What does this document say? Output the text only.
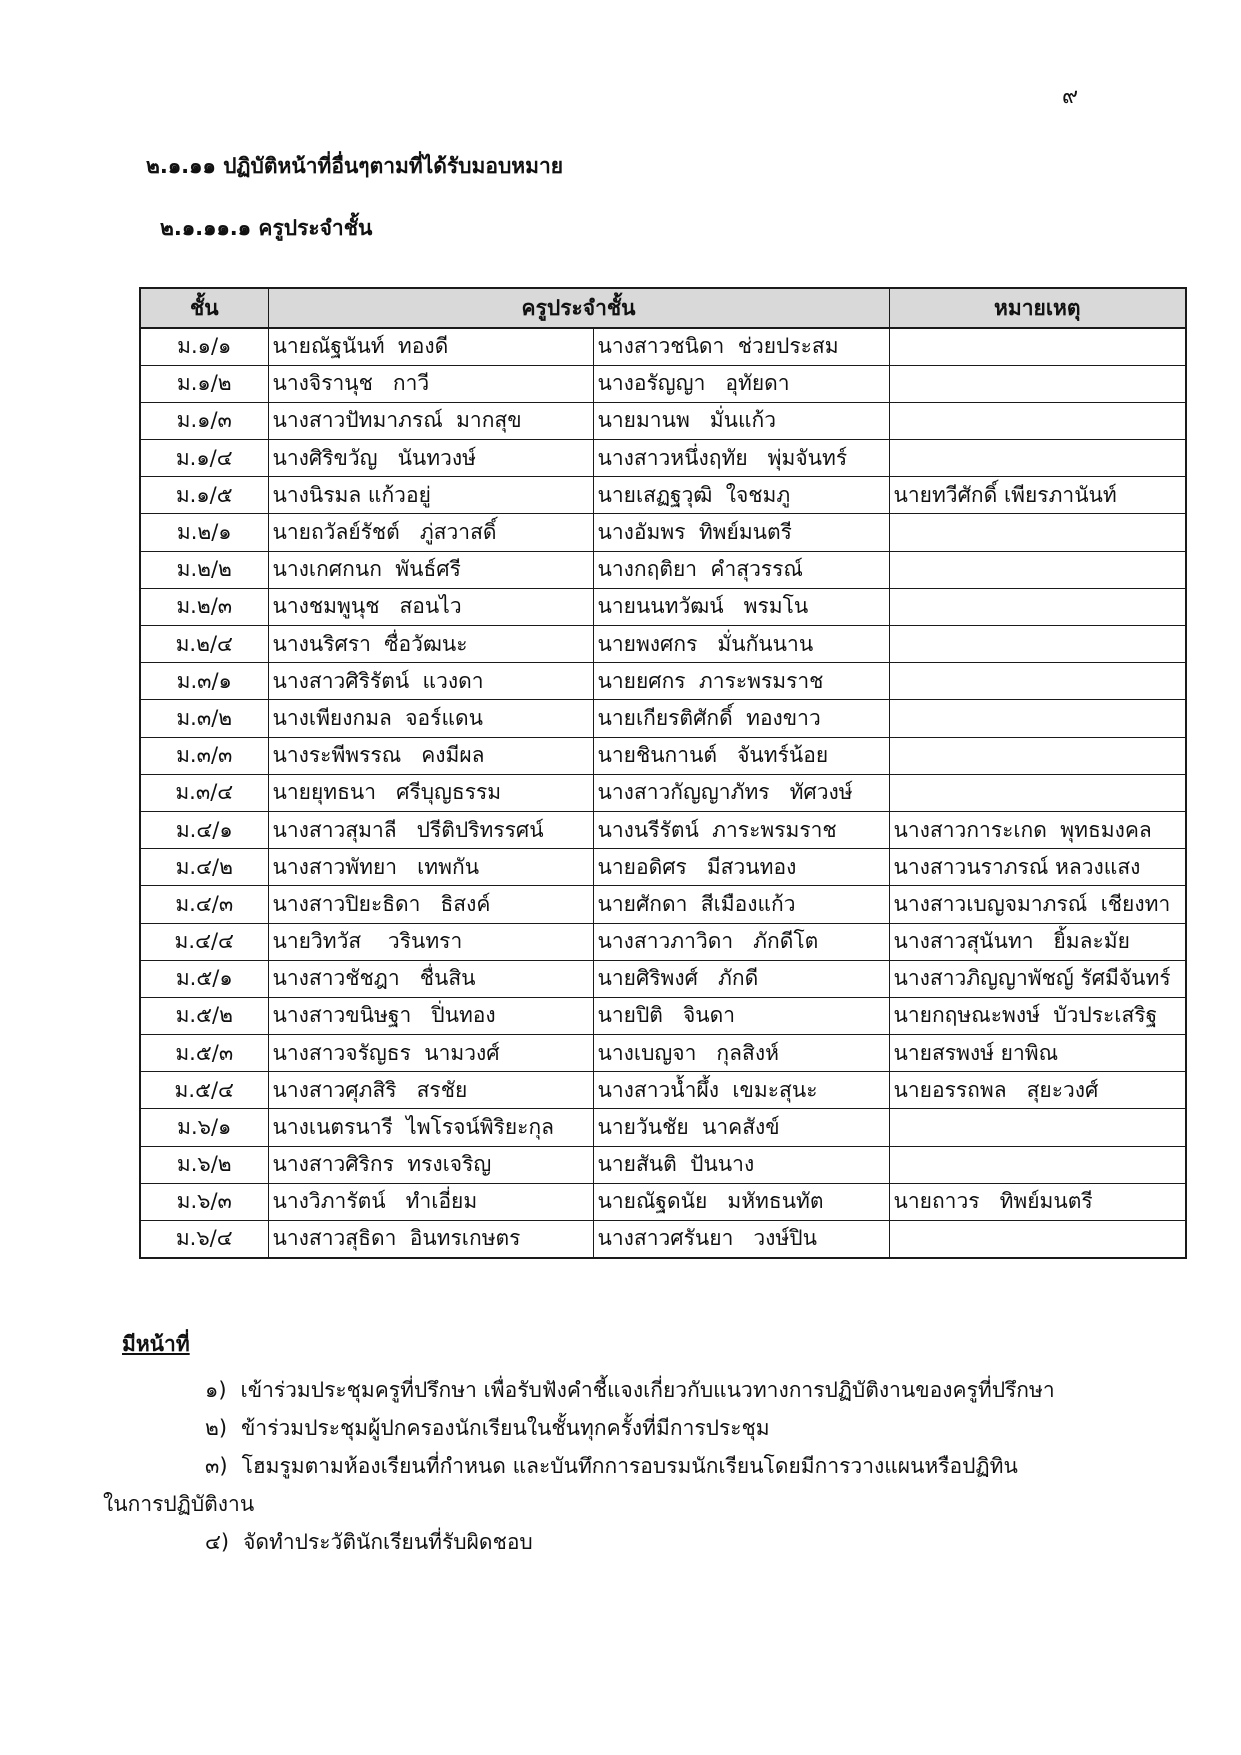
๙
๒.๑.๑๑ ปฏิบัติหน้าที่อื่นๆตามที่ได้รับมอบหมาย
๒.๑.๑๑.๑ ครูประจำชั้น
ชั้น	ครูประจำชั้น		หมายเหตุ
ม.๑/๑	นายณัฐนันท์  ทองดี	นางสาวชนิดา  ช่วยประสม	
ม.๑/๒	นางจิรานุช   กาวี	นางอรัญญา   อุทัยดา	
ม.๑/๓	นางสาวปัทมาภรณ์  มากสุข	นายมานพ   มั่นแก้ว	
ม.๑/๔	นางศิริขวัญ   นันทวงษ์	นางสาวหนึ่งฤทัย   พุ่มจันทร์	
ม.๑/๕	นางนิรมล แก้วอยู่	นายเสฏฐวุฒิ  ใจชมภู	นายทวีศักดิ์ เพียรภานันท์
ม.๒/๑	นายถวัลย์รัชต์   ภู่สวาสดิ์	นางอัมพร  ทิพย์มนตรี	
ม.๒/๒	นางเกศกนก  พันธ์ศรี	นางกฤติยา  คำสุวรรณ์	
ม.๒/๓	นางชมพูนุช   สอนไว	นายนนทวัฒน์   พรมโน	
ม.๒/๔	นางนริศรา  ซื่อวัฒนะ	นายพงศกร   มั่นกันนาน	
ม.๓/๑	นางสาวศิริรัตน์  แวงดา	นายยศกร  ภาระพรมราช	
ม.๓/๒	นางเพียงกมล  จอร์แดน	นายเกียรติศักดิ์  ทองขาว	
ม.๓/๓	นางระพีพรรณ   คงมีผล	นายชินกานต์   จันทร์น้อย	
ม.๓/๔	นายยุทธนา   ศรีบุญธรรม	นางสาวกัญญาภัทร   ทัศวงษ์	
ม.๔/๑	นางสาวสุมาลี   ปรีติปริทรรศน์	นางนรีรัตน์  ภาระพรมราช	นางสาวการะเกด  พุทธมงคล
ม.๔/๒	นางสาวพัทยา   เทพกัน	นายอดิศร   มีสวนทอง	นางสาวนราภรณ์ หลวงแสง
ม.๔/๓	นางสาวปิยะธิดา   ธิสงค์	นายศักดา  สีเมืองแก้ว	นางสาวเบญจมาภรณ์  เชียงทา
ม.๔/๔	นายวิทวัส    วรินทรา	นางสาวภาวิดา   ภักดีโต	นางสาวสุนันทา   ยิ้มละมัย
ม.๕/๑	นางสาวชัชฎา   ชื่นสิน	นายศิริพงศ์   ภักดี	นางสาวภิญญาพัชญ์ รัศมีจันทร์
ม.๕/๒	นางสาวขนิษฐา   ปิ่นทอง	นายปิติ   จินดา	นายกฤษณะพงษ์  บัวประเสริฐ
ม.๕/๓	นางสาวจรัญธร  นามวงศ์	นางเบญจา   กุลสิงห์	นายสรพงษ์ ยาพิณ
ม.๕/๔	นางสาวศุภสิริ   สรชัย	นางสาวน้ำผึ้ง  เขมะสุนะ	นายอรรถพล   สุยะวงศ์
ม.๖/๑	นางเนตรนารี  ไพโรจน์พิริยะกุล	นายวันชัย  นาคสังข์	
ม.๖/๒	นางสาวศิริกร  ทรงเจริญ	นายสันติ  ปันนาง	
ม.๖/๓	นางวิภารัตน์   ทำเอี่ยม	นายณัฐดนัย   มหัทธนทัต	นายถาวร   ทิพย์มนตรี
ม.๖/๔	นางสาวสุธิดา  อินทรเกษตร	นางสาวศรันยา   วงษ์ปิน	
มีหน้าที่
๑) เข้าร่วมประชุมครูที่ปรึกษา เพื่อรับฟังคำชี้แจงเกี่ยวกับแนวทางการปฏิบัติงานของครูที่ปรึกษา
๒) ข้าร่วมประชุมผู้ปกครองนักเรียนในชั้นทุกครั้งที่มีการประชุม
๓) โฮมรูมตามห้องเรียนที่กำหนด และบันทึกการอบรมนักเรียนโดยมีการวางแผนหรือปฏิทิน
ในการปฏิบัติงาน
๔) จัดทำประวัตินักเรียนที่รับผิดชอบ
